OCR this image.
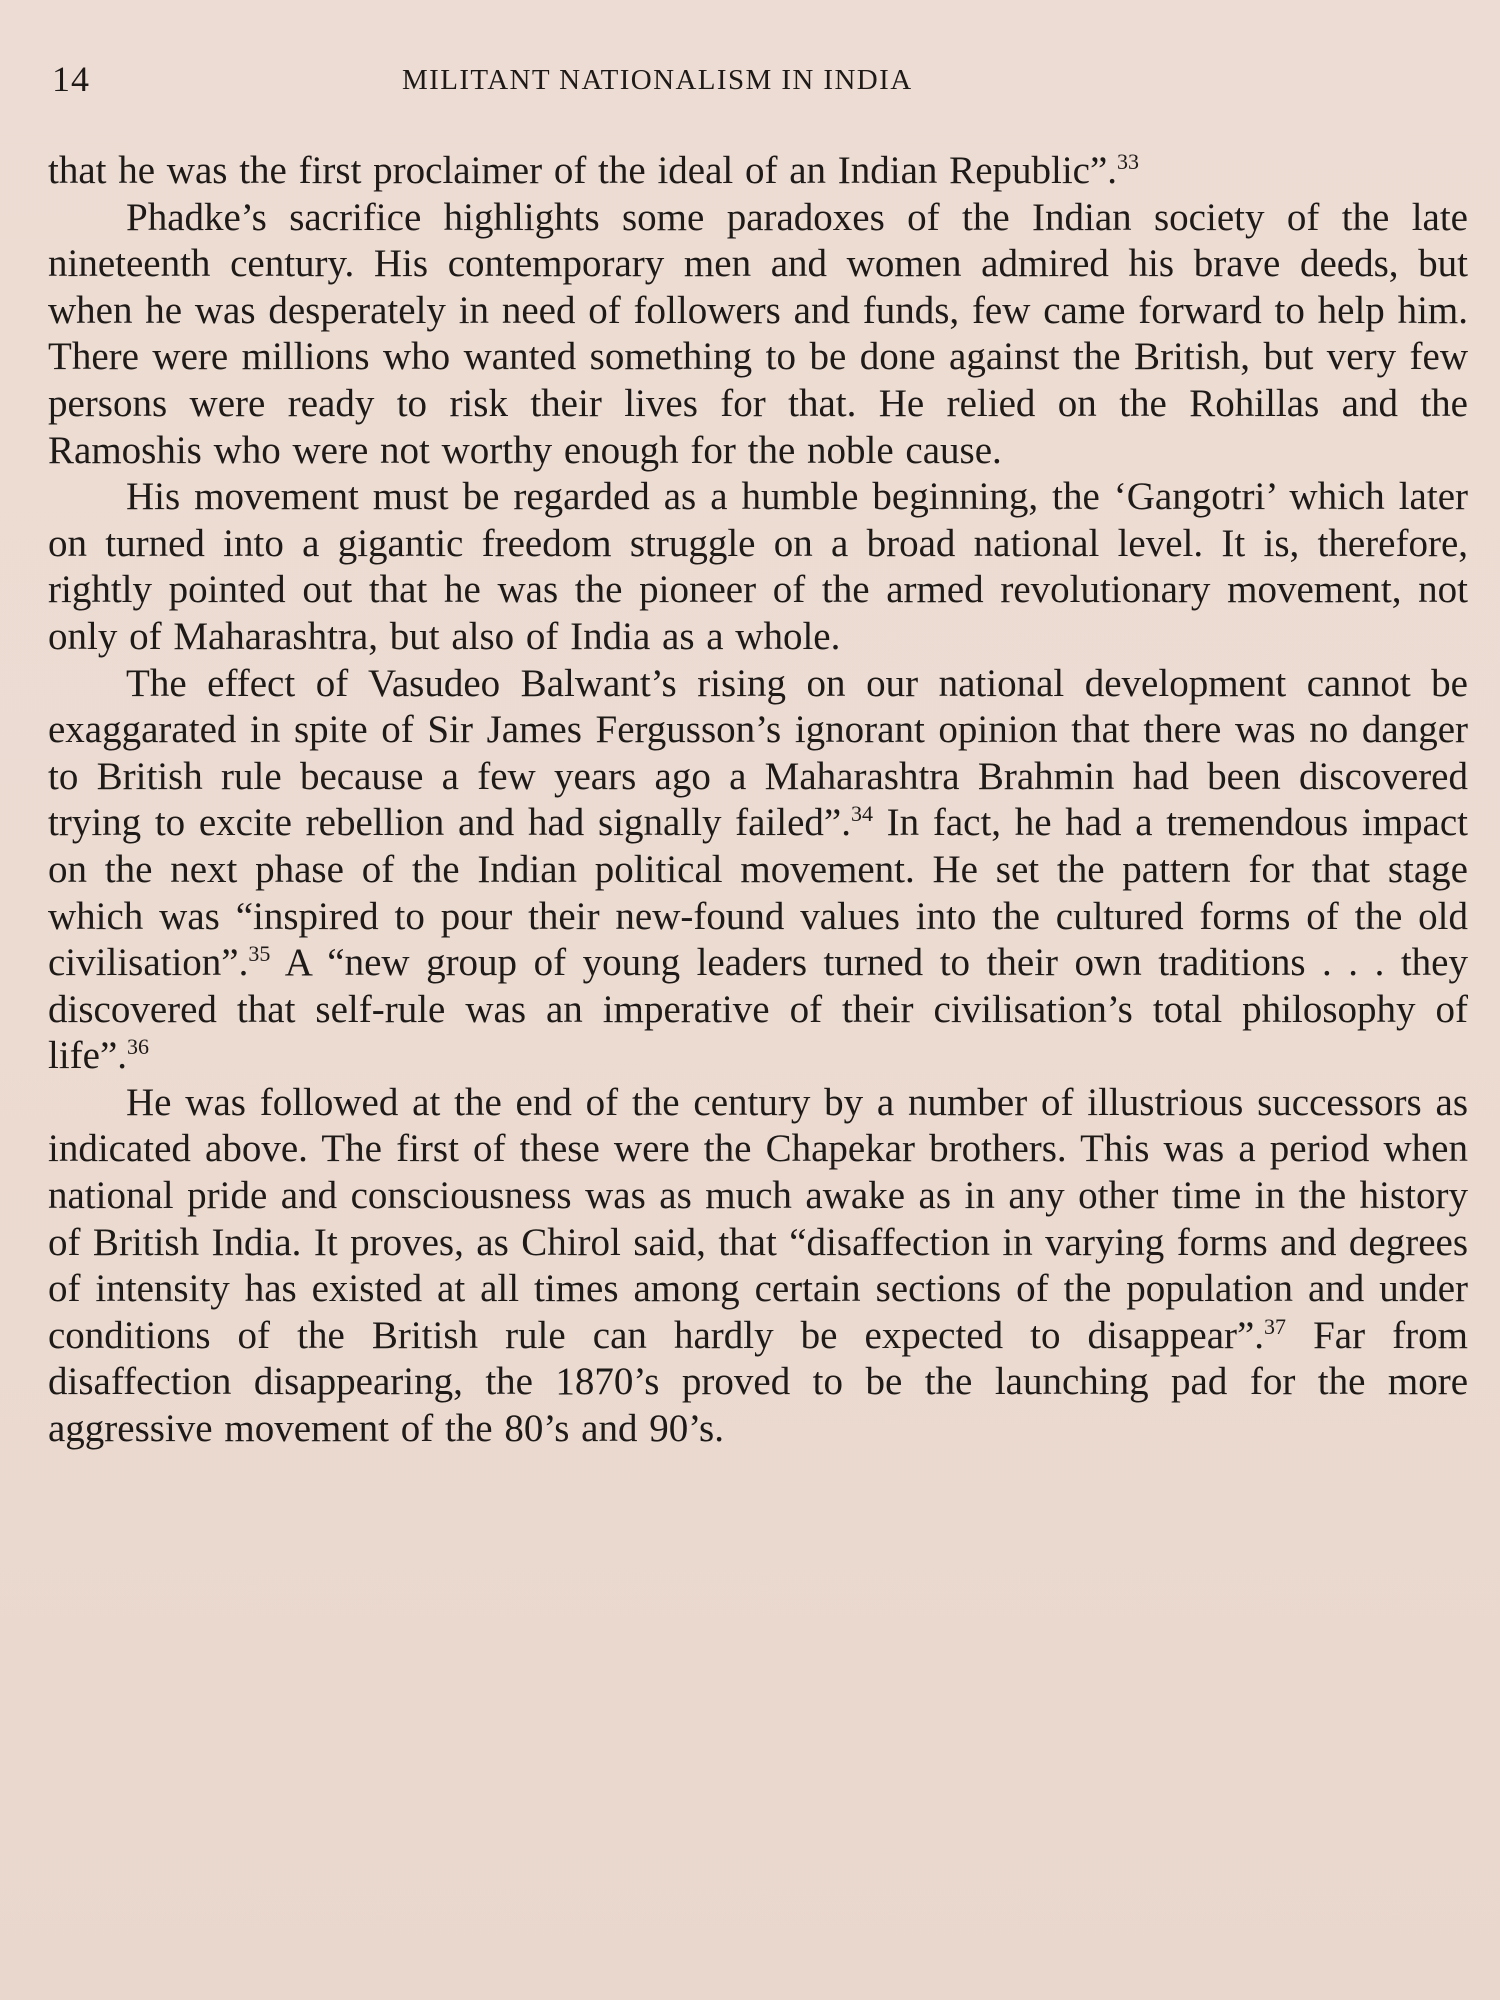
14	MILITANT NATIONALISM IN INDIA

that he was the first proclaimer of the ideal of an Indian Republic”.$^{33}$

Phadke’s sacrifice highlights some paradoxes of the Indian society of the late nineteenth century. His contemporary men and women admired his brave deeds, but when he was desperately in need of followers and funds, few came forward to help him. There were millions who wanted something to be done against the British, but very few persons were ready to risk their lives for that. He relied on the Rohillas and the Ramoshis who were not worthy enough for the noble cause.

His movement must be regarded as a humble beginning, the ‘Gangotri’ which later on turned into a gigantic freedom struggle on a broad national level. It is, therefore, rightly pointed out that he was the pioneer of the armed revolutionary movement, not only of Maharashtra, but also of India as a whole.

The effect of Vasudeo Balwant’s rising on our national development cannot be exaggarated in spite of Sir James Fergusson’s ignorant opinion that there was no danger to British rule because a few years ago a Maharashtra Brahmin had been discovered trying to excite rebellion and had signally failed”.$^{34}$ In fact, he had a tremendous impact on the next phase of the Indian political movement. He set the pattern for that stage which was “inspired to pour their new-found values into the cultured forms of the old civilisation”.$^{35}$ A “new group of young leaders turned to their own traditions . . . they discovered that self-rule was an imperative of their civilisation’s total philosophy of life”.$^{36}$

He was followed at the end of the century by a number of illustrious successors as indicated above. The first of these were the Chapekar brothers. This was a period when national pride and consciousness was as much awake as in any other time in the history of British India. It proves, as Chirol said, that “disaffection in varying forms and degrees of intensity has existed at all times among certain sections of the population and under conditions of the British rule can hardly be expected to disappear”.$^{37}$ Far from disaffection disappearing, the 1870’s proved to be the launching pad for the more aggressive movement of the 80’s and 90’s.
